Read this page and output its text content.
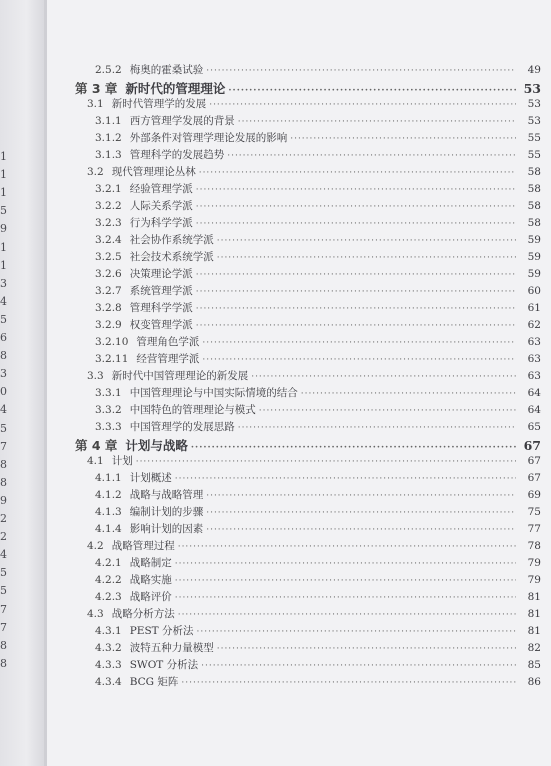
1
1
1
5
9
1
1
3
4
5
6
8
3
0
4
5
7
8
8
9
2
2
4
5
5
7
7
8
8
2.5.2 梅奥的霍桑试验 ·····	49
第 3 章 新时代的管理理论 ·····	53
3.1 新时代管理学的发展 ·····	53
3.1.1 西方管理学发展的背景 ·····	53
3.1.2 外部条件对管理学理论发展的影响 ·····	55
3.1.3 管理科学的发展趋势 ·····	55
3.2 现代管理理论丛林 ·····	58
3.2.1 经验管理学派 ·····	58
3.2.2 人际关系学派 ·····	58
3.2.3 行为科学学派 ·····	58
3.2.4 社会协作系统学派 ·····	59
3.2.5 社会技术系统学派 ·····	59
3.2.6 决策理论学派 ·····	59
3.2.7 系统管理学派 ·····	60
3.2.8 管理科学学派 ·····	61
3.2.9 权变管理学派 ·····	62
3.2.10 管理角色学派 ·····	63
3.2.11 经营管理学派 ·····	63
3.3 新时代中国管理理论的新发展 ·····	63
3.3.1 中国管理理论与中国实际情境的结合 ·····	64
3.3.2 中国特色的管理理论与模式 ·····	64
3.3.3 中国管理学的发展思路 ·····	65
第 4 章 计划与战略 ·····	67
4.1 计划 ·····	67
4.1.1 计划概述 ·····	67
4.1.2 战略与战略管理 ·····	69
4.1.3 编制计划的步骤 ·····	75
4.1.4 影响计划的因素 ·····	77
4.2 战略管理过程 ·····	78
4.2.1 战略制定 ·····	79
4.2.2 战略实施 ·····	79
4.2.3 战略评价 ·····	81
4.3 战略分析方法 ·····	81
4.3.1 PEST 分析法 ·····	81
4.3.2 波特五种力量模型 ·····	82
4.3.3 SWOT 分析法 ·····	85
4.3.4 BCG 矩阵 ·····	86
